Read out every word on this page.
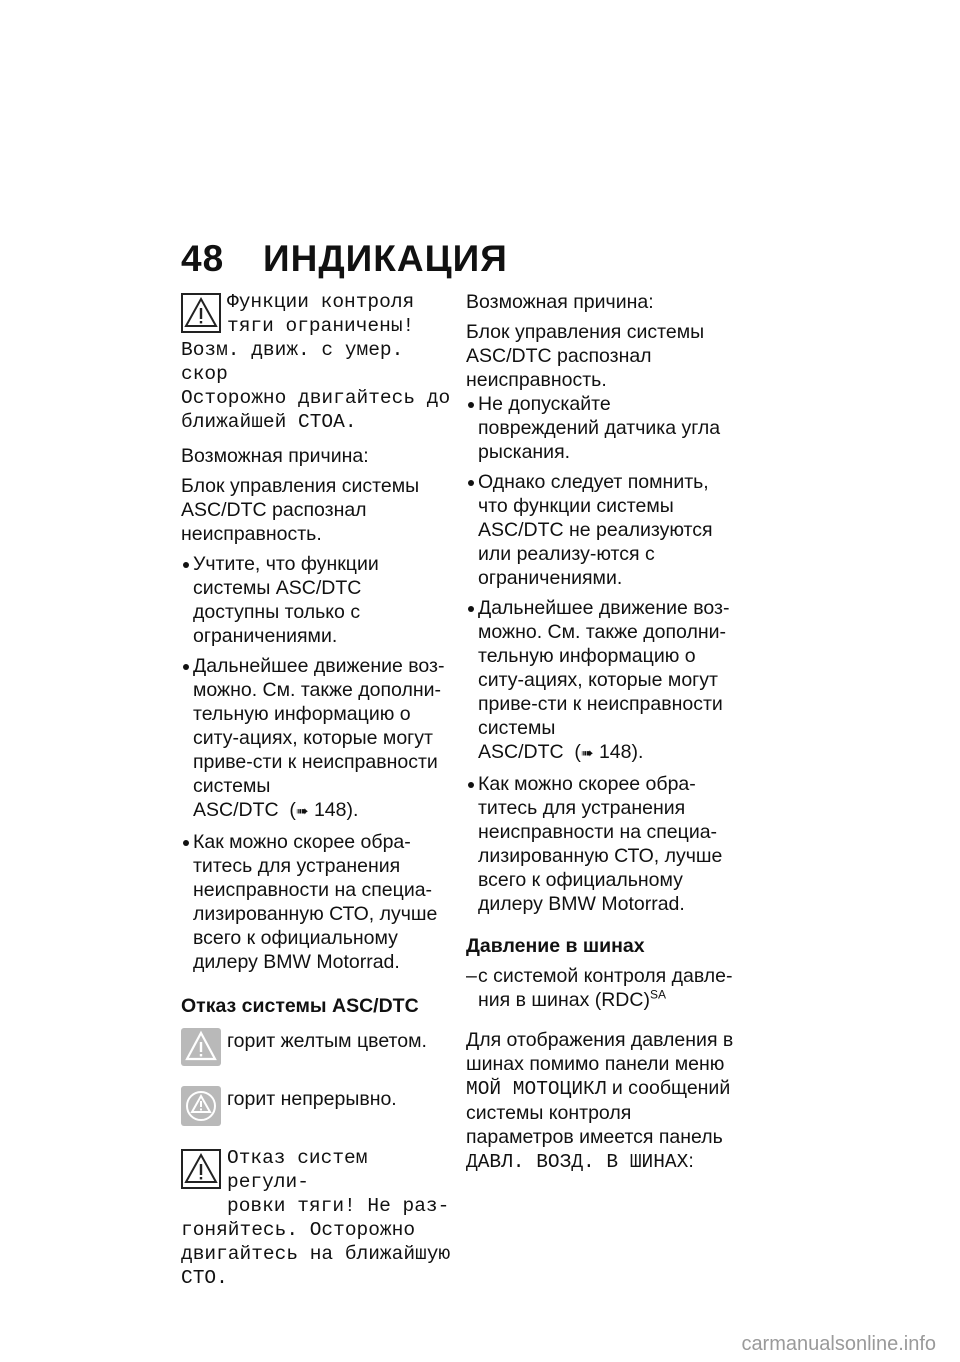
48 ИНДИКАЦИЯ
Функции контроля
тяги ограничены!
Возм. движ. с умер. скор
Осторожно двигайтесь до
ближайшей СТОА.

Возможная причина:

Блок управления системы ASC/DTC распознал неисправность.

Учтите, что функции системы ASC/DTC доступны только с ограничениями.
Дальнейшее движение воз-можно. См. также дополни-тельную информацию о ситу-ациях, которые могут приве-сти к неисправности системы
ASC/DTC  (➠ 148).
Как можно скорее обра-титесь для устранения неисправности на специа-лизированную СТО, лучше всего к официальному дилеру BMW Motorrad.
Отказ системы ASC/DTC
горит желтым цветом.
горит непрерывно.
Отказ систем регули-
ровки тяги! Не раз-
гоняйтесь. Осторожно
двигайтесь на ближайшую
СТО.

Возможная причина:

Блок управления системы ASC/DTC распознал неисправность.

Не допускайте повреждений датчика угла рыскания.
Однако следует помнить, что функции системы ASC/DTC не реализуются или реализу-ются с ограничениями.
Дальнейшее движение воз-можно. См. также дополни-тельную информацию о ситу-ациях, которые могут приве-сти к неисправности системы
ASC/DTC  (➠ 148).
Как можно скорее обра-титесь для устранения неисправности на специа-лизированную СТО, лучше всего к официальному дилеру BMW Motorrad.
Давление в шинах
– с системой контроля давле-ния в шинах (RDC)$^{SA}$

Для отображения давления в шинах помимо панели меню МОЙ МОТОЦИКЛ и сообщений системы контроля параметров имеется панель ДАВЛ. ВОЗД. В ШИНАХ:

carmanualsonline.info
